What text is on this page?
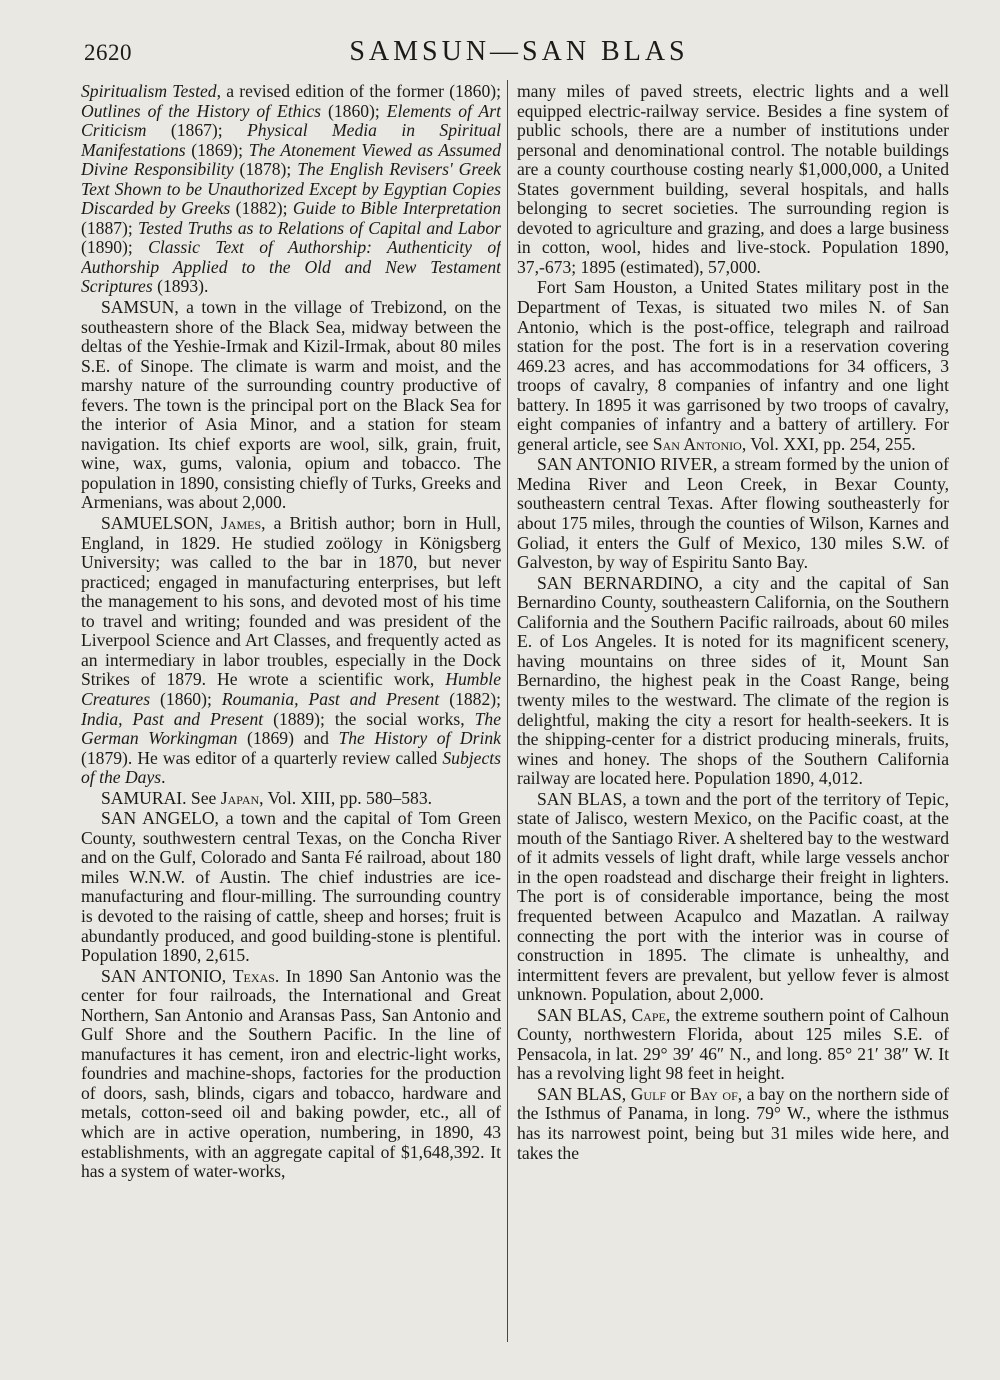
2620	SAMSUN—SAN BLAS

Spiritualism Tested, a revised edition of the former (1860); Outlines of the History of Ethics (1860); Elements of Art Criticism (1867); Physical Media in Spiritual Manifestations (1869); The Atonement Viewed as Assumed Divine Responsibility (1878); The English Revisers' Greek Text Shown to be Unauthorized Except by Egyptian Copies Discarded by Greeks (1882); Guide to Bible Interpretation (1887); Tested Truths as to Relations of Capital and Labor (1890); Classic Text of Authorship: Authenticity of Authorship Applied to the Old and New Testament Scriptures (1893).

SAMSUN, a town in the village of Trebizond, on the southeastern shore of the Black Sea, midway between the deltas of the Yeshie-Irmak and Kizil-Irmak, about 80 miles S.E. of Sinope. The climate is warm and moist, and the marshy nature of the surrounding country productive of fevers. The town is the principal port on the Black Sea for the interior of Asia Minor, and a station for steam navigation. Its chief exports are wool, silk, grain, fruit, wine, wax, gums, valonia, opium and tobacco. The population in 1890, consisting chiefly of Turks, Greeks and Armenians, was about 2,000.

SAMUELSON, James, a British author; born in Hull, England, in 1829. He studied zoölogy in Königsberg University; was called to the bar in 1870, but never practiced; engaged in manufacturing enterprises, but left the management to his sons, and devoted most of his time to travel and writing; founded and was president of the Liverpool Science and Art Classes, and frequently acted as an intermediary in labor troubles, especially in the Dock Strikes of 1879. He wrote a scientific work, Humble Creatures (1860); Roumania, Past and Present (1882); India, Past and Present (1889); the social works, The German Workingman (1869) and The History of Drink (1879). He was editor of a quarterly review called Subjects of the Days.

SAMURAI. See Japan, Vol. XIII, pp. 580–583.

SAN ANGELO, a town and the capital of Tom Green County, southwestern central Texas, on the Concha River and on the Gulf, Colorado and Santa Fé railroad, about 180 miles W.N.W. of Austin. The chief industries are ice-manufacturing and flour-milling. The surrounding country is devoted to the raising of cattle, sheep and horses; fruit is abundantly produced, and good building-stone is plentiful. Population 1890, 2,615.

SAN ANTONIO, Texas. In 1890 San Antonio was the center for four railroads, the International and Great Northern, San Antonio and Aransas Pass, San Antonio and Gulf Shore and the Southern Pacific. In the line of manufactures it has cement, iron and electric-light works, foundries and machine-shops, factories for the production of doors, sash, blinds, cigars and tobacco, hardware and metals, cotton-seed oil and baking powder, etc., all of which are in active operation, numbering, in 1890, 43 establishments, with an aggregate capital of $1,648,392. It has a system of water-works,

many miles of paved streets, electric lights and a well equipped electric-railway service. Besides a fine system of public schools, there are a number of institutions under personal and denominational control. The notable buildings are a county courthouse costing nearly $1,000,000, a United States government building, several hospitals, and halls belonging to secret societies. The surrounding region is devoted to agriculture and grazing, and does a large business in cotton, wool, hides and live-stock. Population 1890, 37,-673; 1895 (estimated), 57,000.

Fort Sam Houston, a United States military post in the Department of Texas, is situated two miles N. of San Antonio, which is the post-office, telegraph and railroad station for the post. The fort is in a reservation covering 469.23 acres, and has accommodations for 34 officers, 3 troops of cavalry, 8 companies of infantry and one light battery. In 1895 it was garrisoned by two troops of cavalry, eight companies of infantry and a battery of artillery. For general article, see San Antonio, Vol. XXI, pp. 254, 255.

SAN ANTONIO RIVER, a stream formed by the union of Medina River and Leon Creek, in Bexar County, southeastern central Texas. After flowing southeasterly for about 175 miles, through the counties of Wilson, Karnes and Goliad, it enters the Gulf of Mexico, 130 miles S.W. of Galveston, by way of Espiritu Santo Bay.

SAN BERNARDINO, a city and the capital of San Bernardino County, southeastern California, on the Southern California and the Southern Pacific railroads, about 60 miles E. of Los Angeles. It is noted for its magnificent scenery, having mountains on three sides of it, Mount San Bernardino, the highest peak in the Coast Range, being twenty miles to the westward. The climate of the region is delightful, making the city a resort for health-seekers. It is the shipping-center for a district producing minerals, fruits, wines and honey. The shops of the Southern California railway are located here. Population 1890, 4,012.

SAN BLAS, a town and the port of the territory of Tepic, state of Jalisco, western Mexico, on the Pacific coast, at the mouth of the Santiago River. A sheltered bay to the westward of it admits vessels of light draft, while large vessels anchor in the open roadstead and discharge their freight in lighters. The port is of considerable importance, being the most frequented between Acapulco and Mazatlan. A railway connecting the port with the interior was in course of construction in 1895. The climate is unhealthy, and intermittent fevers are prevalent, but yellow fever is almost unknown. Population, about 2,000.

SAN BLAS, Cape, the extreme southern point of Calhoun County, northwestern Florida, about 125 miles S.E. of Pensacola, in lat. 29° 39′ 46″ N., and long. 85° 21′ 38″ W. It has a revolving light 98 feet in height.

SAN BLAS, Gulf or Bay of, a bay on the northern side of the Isthmus of Panama, in long. 79° W., where the isthmus has its narrowest point, being but 31 miles wide here, and takes the
